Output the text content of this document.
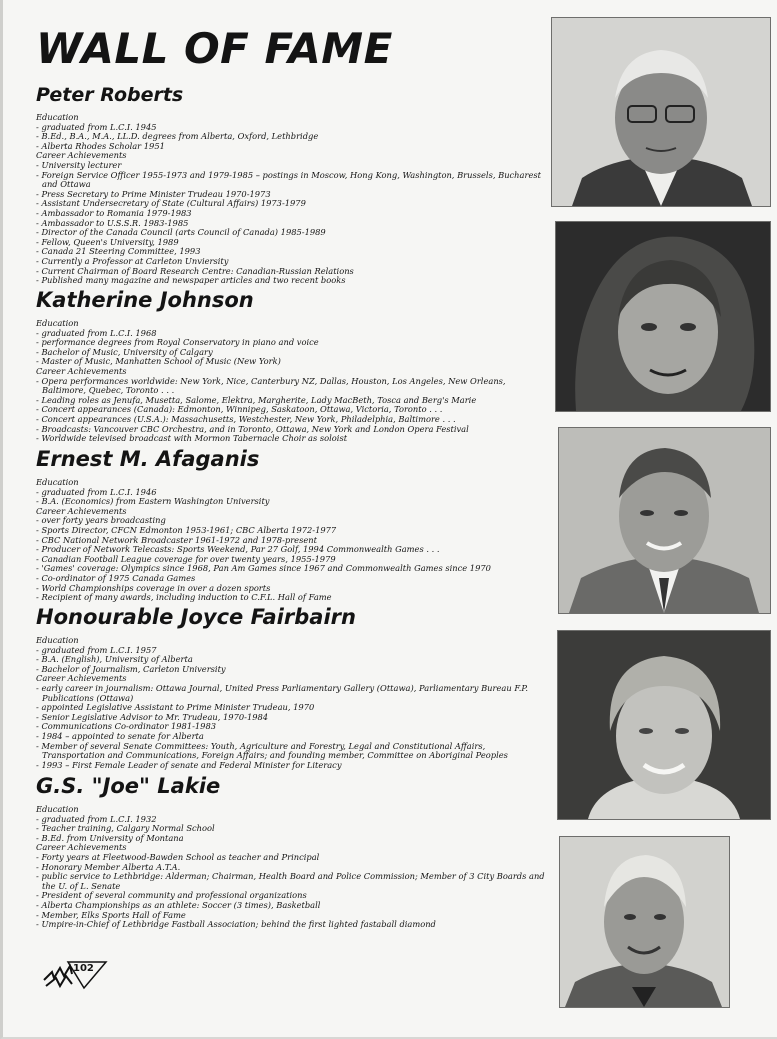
WALL OF FAME
Peter Roberts

Education

- graduated from L.C.I. 1945
- B.Ed., B.A., M.A., LL.D. degrees from Alberta, Oxford, Lethbridge
- Alberta Rhodes Scholar 1951

Career Achievements

- University lecturer
- Foreign Service Officer 1955-1973 and 1979-1985 – postings in Moscow, Hong Kong, Washington, Brussels, Bucharest and Ottawa
- Press Secretary to Prime Minister Trudeau 1970-1973
- Assistant Undersecretary of State (Cultural Affairs) 1973-1979
- Ambassador to Romania 1979-1983
- Ambassador to U.S.S.R. 1983-1985
- Director of the Canada Council (arts Council of Canada) 1985-1989
- Fellow, Queen's University, 1989
- Canada 21 Steering Committee, 1993
- Currently a Professor at Carleton Unviersity
- Current Chairman of Board Research Centre: Canadian-Russian Relations
- Published many magazine and newspaper articles and two recent books
Katherine Johnson

Education

- graduated from L.C.I. 1968
- performance degrees from Royal Conservatory in piano and voice
- Bachelor of Music, University of Calgary
- Master of Music, Manhatten School of Music (New York)

Career Achievements

- Opera performances worldwide: New York, Nice, Canterbury NZ, Dallas, Houston, Los Angeles, New Orleans, Baltimore, Quebec, Toronto . . .
- Leading roles as Jenufa, Musetta, Salome, Elektra, Margherite, Lady MacBeth, Tosca and Berg's Marie
- Concert appearances (Canada): Edmonton, Winnipeg, Saskatoon, Ottawa, Victoria, Toronto . . .
- Concert appearances (U.S.A.): Massachusetts, Westchester, New York, Philadelphia, Baltimore . . .
- Broadcasts: Vancouver CBC Orchestra, and in Toronto, Ottawa, New York and London Opera Festival
- Worldwide televised broadcast with Mormon Tabernacle Choir as soloist
Ernest M. Afaganis

Education

- graduated from L.C.I. 1946
- B.A. (Economics) from Eastern Washington University

Career Achievements

- over forty years broadcasting
- Sports Director, CFCN Edmonton 1953-1961; CBC Alberta 1972-1977
- CBC National Network Broadcaster 1961-1972 and 1978-present
- Producer of Network Telecasts: Sports Weekend, Par 27 Golf, 1994 Commonwealth Games . . .
- Canadian Football League coverage for over twenty years, 1955-1979
- 'Games' coverage: Olympics since 1968, Pan Am Games since 1967 and Commonwealth Games since 1970
- Co-ordinator of 1975 Canada Games
- World Championships coverage in over a dozen sports
- Recipient of many awards, including induction to C.F.L. Hall of Fame
Honourable Joyce Fairbairn

Education

- graduated from L.C.I. 1957
- B.A. (English), University of Alberta
- Bachelor of Journalism, Carleton University

Career Achievements

- early career in journalism: Ottawa Journal, United Press Parliamentary Gallery (Ottawa), Parliamentary Bureau F.P. Publications (Ottawa)
- appointed Legislative Assistant to Prime Minister Trudeau, 1970
- Senior Legislative Advisor to Mr. Trudeau, 1970-1984
- Communications Co-ordinator 1981-1983
- 1984 – appointed to senate for Alberta
- Member of several Senate Committees: Youth, Agriculture and Forestry, Legal and Constitutional Affairs, Transportation and Communications, Foreign Affairs; and founding member, Committee on Aboriginal Peoples
- 1993 – First Female Leader of senate and Federal Minister for Literacy
G.S. "Joe" Lakie

Education

- graduated from L.C.I. 1932
- Teacher training, Calgary Normal School
- B.Ed. from University of Montana

Career Achievements

- Forty years at Fleetwood-Bawden School as teacher and Principal
- Honorary Member Alberta A.T.A.
- public service to Lethbridge: Alderman; Chairman, Health Board and Police Commission; Member of 3 City Boards and the U. of L. Senate
- President of several community and professional organizations
- Alberta Championships as an athlete: Soccer (3 times), Basketball
- Member, Elks Sports Hall of Fame
- Umpire-in-Chief of Lethbridge Fastball Association; behind the first lighted fastaball diamond
102
